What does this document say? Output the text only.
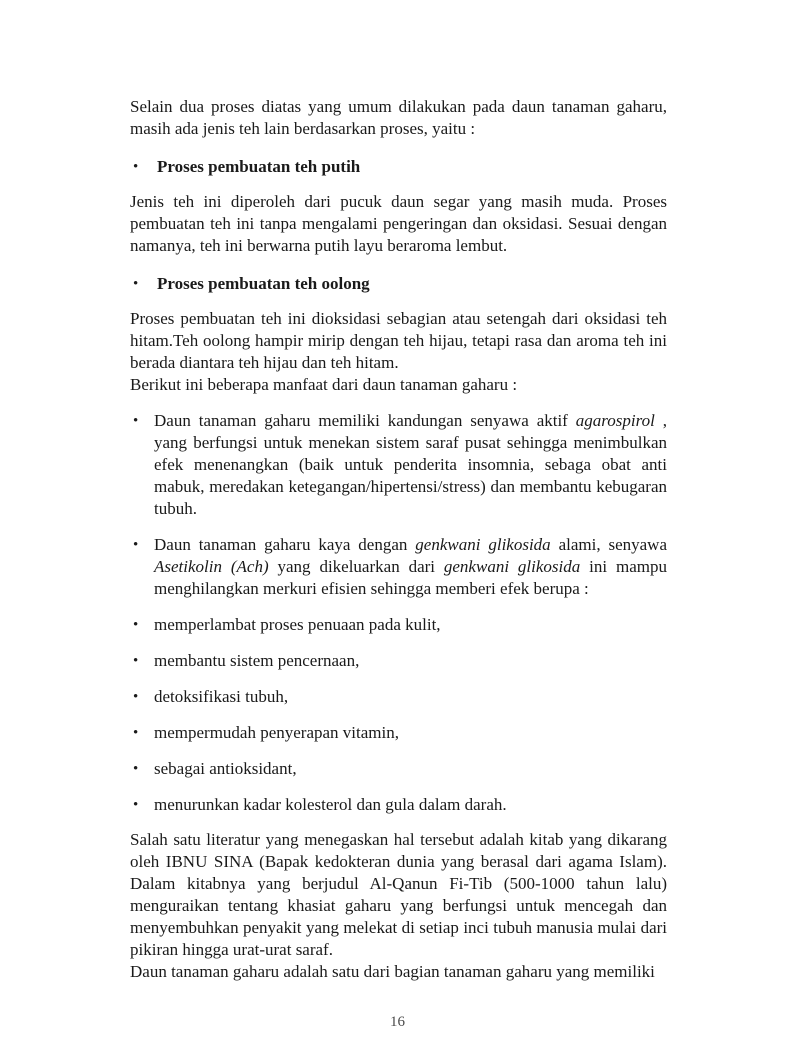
Selain dua proses diatas yang umum dilakukan pada daun tanaman gaharu, masih ada jenis teh lain berdasarkan proses, yaitu :
• Proses pembuatan teh putih
Jenis teh ini diperoleh dari pucuk daun segar yang masih muda. Proses pembuatan teh ini tanpa mengalami pengeringan dan oksidasi. Sesuai dengan namanya, teh ini berwarna putih layu beraroma lembut.
• Proses pembuatan teh oolong
Proses pembuatan teh ini dioksidasi sebagian atau setengah dari oksidasi teh hitam.Teh oolong hampir mirip dengan teh hijau, tetapi rasa dan aroma teh ini berada diantara teh hijau dan teh hitam.
Berikut ini beberapa manfaat dari daun tanaman gaharu :
• Daun tanaman gaharu memiliki kandungan senyawa aktif agarospirol , yang berfungsi untuk menekan sistem saraf pusat sehingga menimbulkan efek menenangkan (baik untuk penderita insomnia, sebaga obat anti mabuk, meredakan ketegangan/hipertensi/stress) dan membantu kebugaran tubuh.
• Daun tanaman gaharu kaya dengan genkwani glikosida alami, senyawa Asetikolin (Ach) yang dikeluarkan dari genkwani glikosida ini mampu menghilangkan merkuri efisien sehingga memberi efek berupa :
• memperlambat proses penuaan pada kulit,
• membantu sistem pencernaan,
• detoksifikasi tubuh,
• mempermudah penyerapan vitamin,
• sebagai antioksidant,
• menurunkan kadar kolesterol dan gula dalam darah.
Salah satu literatur yang menegaskan hal tersebut adalah kitab yang dikarang oleh IBNU SINA (Bapak kedokteran dunia yang berasal dari agama Islam). Dalam kitabnya yang berjudul Al-Qanun Fi-Tib (500-1000 tahun lalu) menguraikan tentang khasiat gaharu yang berfungsi untuk mencegah dan menyembuhkan penyakit yang melekat di setiap inci tubuh manusia mulai dari pikiran hingga urat-urat saraf.
Daun tanaman gaharu adalah satu dari bagian tanaman gaharu yang memiliki
16
